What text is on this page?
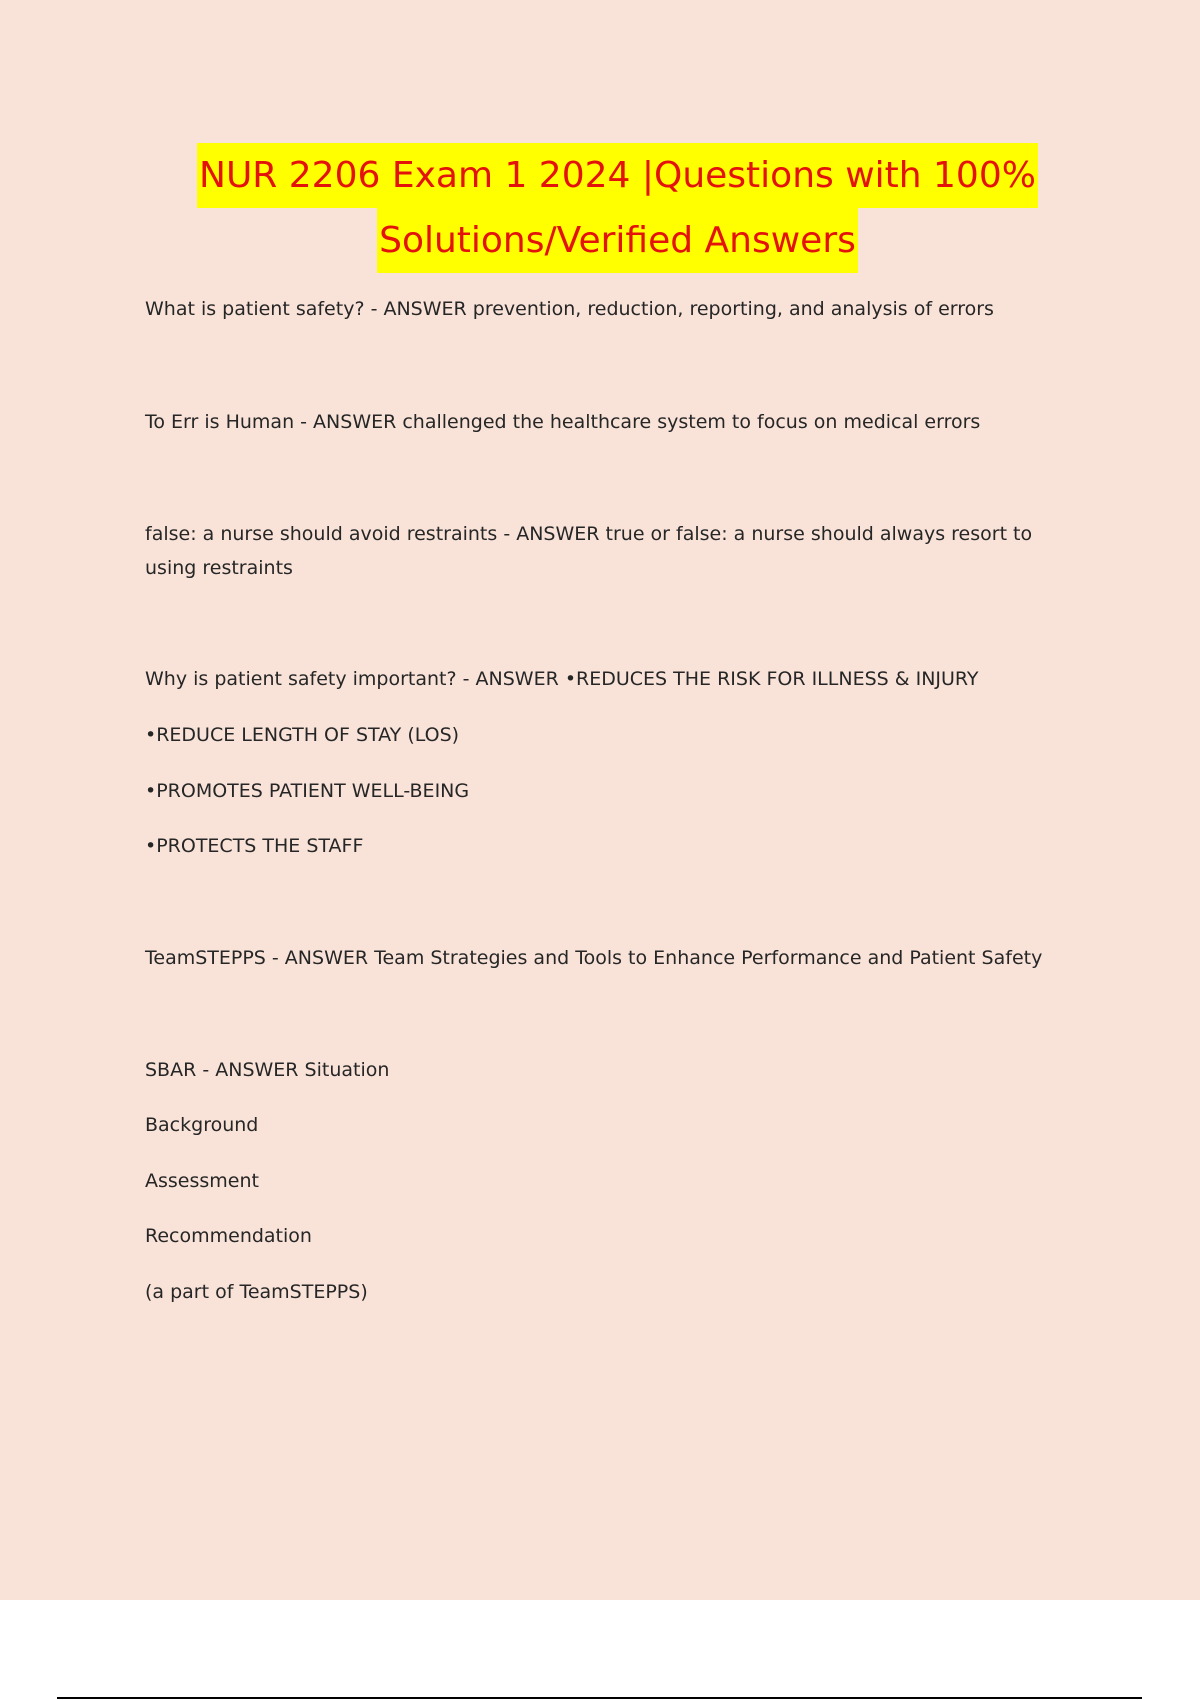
NUR 2206 Exam 1 2024 |Questions with 100%
Solutions/Verified Answers

What is patient safety? - ANSWER prevention, reduction, reporting, and analysis of errors

To Err is Human - ANSWER challenged the healthcare system to focus on medical errors

false: a nurse should avoid restraints - ANSWER true or false: a nurse should always resort to using restraints

Why is patient safety important? - ANSWER •REDUCES THE RISK FOR ILLNESS & INJURY

•REDUCE LENGTH OF STAY (LOS)

•PROMOTES PATIENT WELL-BEING

•PROTECTS THE STAFF

TeamSTEPPS - ANSWER Team Strategies and Tools to Enhance Performance and Patient Safety

SBAR - ANSWER Situation

Background

Assessment

Recommendation

(a part of TeamSTEPPS)
